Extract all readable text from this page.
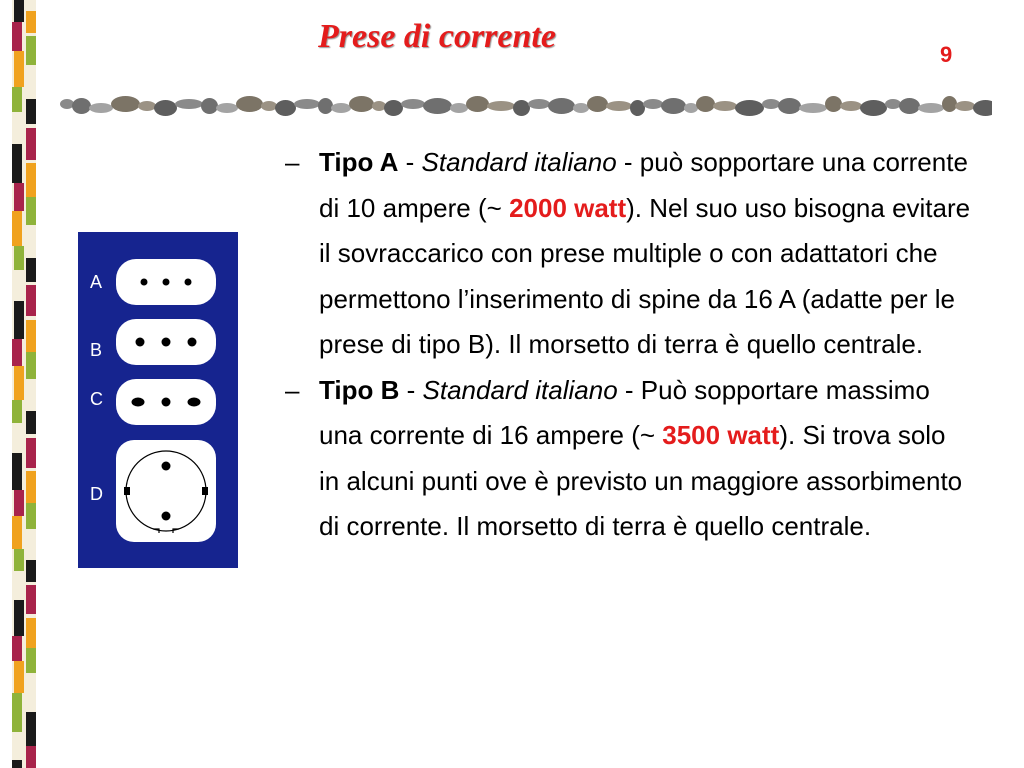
Prese di corrente	9
A
B
C
D
– Tipo A - Standard italiano - può sopportare una corrente di 10 ampere (~ 2000 watt). Nel suo uso bisogna evitare il sovraccarico con prese multiple o con adattatori che permettono l’inserimento di spine da 16 A (adatte per le prese di tipo B). Il morsetto di terra è quello centrale.
– Tipo B - Standard italiano - Può sopportare massimo una corrente di 16 ampere (~ 3500 watt). Si trova solo in alcuni punti ove è previsto un maggiore assorbimento di corrente. Il morsetto di terra è quello centrale.
